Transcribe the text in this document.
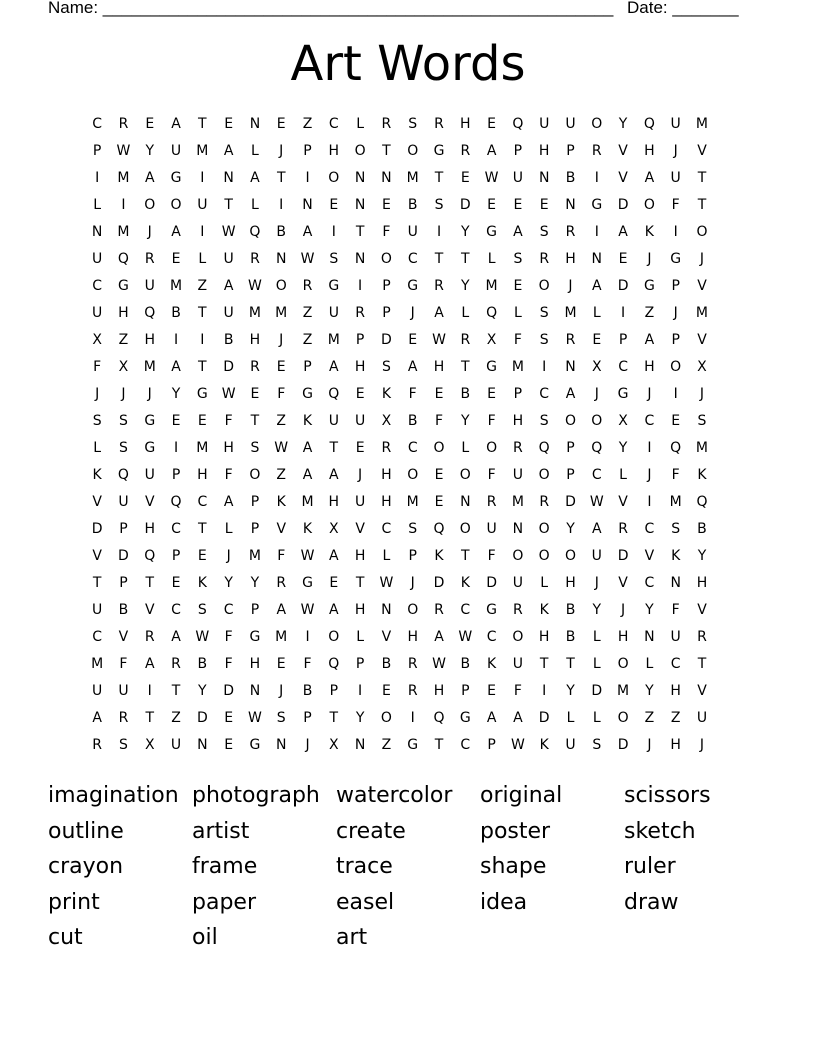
Name: ______________________________________________________ Date: _______
Art Words
C	R	E	A	T	E	N	E	Z	C	L	R	S	R	H	E	Q	U	U	O	Y	Q	U	M
P	W	Y	U	M	A	L	J	P	H	O	T	O	G	R	A	P	H	P	R	V	H	J	V
I	M	A	G	I	N	A	T	I	O	N	N	M	T	E	W	U	N	B	I	V	A	U	T
L	I	O	O	U	T	L	I	N	E	N	E	B	S	D	E	E	E	N	G	D	O	F	T
N	M	J	A	I	W Q	B	A	I	T	F	U	I	Y	G	A	S	R	I	A	K	I	O
U	Q	R	E	L	U	R	N	W	S	N	O	C	T	T	L	S	R	H	N	E	J	G	J
C	G	U	M	Z	A	W O	R	G	I	P	G	R	Y	M	E	O	J	A	D	G	P	V
U	H	Q	B	T	U	M	M	Z	U	R	P	J	A	L	Q	L	S	M	L	I	Z	J	M
X	Z	H	I	I	B	H	J	Z	M	P	D	E	W	R	X	F	S	R	E	P	A	P	V
F	X	M	A	T	D	R	E	P	A	H	S	A	H	T	G	M	I	N	X	C	H	O	X
J	J	J	Y	G W	E	F	G	Q	E	K	F	E	B	E	P	C	A	J	G	J	I	J
S	S	G	E	E	F	T	Z	K	U	U	X	B	F	Y	F	H	S	O	O	X	C	E	S
L	S	G	I	M	H	S	W	A	T	E	R	C	O	L	O	R	Q	P	Q	Y	I	Q	M
K	Q	U	P	H	F	O	Z	A	A	J	H	O	E	O	F	U	O	P	C	L	J	F	K
V	U	V	Q	C	A	P	K	M	H	U	H	M	E	N	R	M	R	D W	V	I	M	Q
D	P	H	C	T	L	P	V	K	X	V	C	S	Q	O	U	N	O	Y	A	R	C	S	B
V	D	Q	P	E	J	M	F	W	A	H	L	P	K	T	F	O	O	O	U	D	V	K	Y
T	P	T	E	K	Y	Y	R	G	E	T	W	J	D	K	D	U	L	H	J	V	C	N	H
U	B	V	C	S	C	P	A	W	A	H	N	O	R	C	G	R	K	B	Y	J	Y	F	V
C	V	R	A	W	F	G	M	I	O	L	V	H	A	W	C	O	H	B	L	H	N	U	R
M	F	A	R	B	F	H	E	F	Q	P	B	R	W	B	K	U	T	T	L	O	L	C	T
U	U	I	T	Y	D	N	J	B	P	I	E	R	H	P	E	F	I	Y	D	M	Y	H	V
A	R	T	Z	D	E	W	S	P	T	Y	O	I	Q	G	A	A	D	L	L	O	Z	Z	U
R	S	X	U	N	E	G	N	J	X	N	Z	G	T	C	P	W	K	U	S	D	J	H	J
imagination photograph watercolor	original	scissors
outline	artist	create	poster	sketch
crayon	frame	trace	shape	ruler
print	paper	easel	idea	draw
cut	oil	art
